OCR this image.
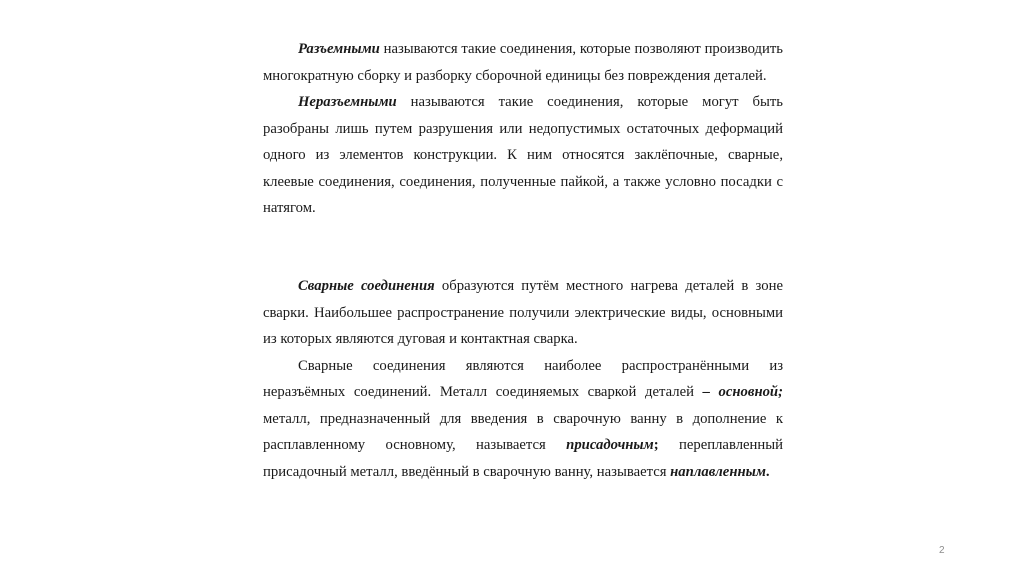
Разъемными называются такие соединения, которые позволяют производить многократную сборку и разборку сборочной единицы без повреждения деталей.

Неразъемными называются такие соединения, которые могут быть разобраны лишь путем разрушения или недопустимых остаточных деформаций одного из элементов конструкции. К ним относятся заклёпочные, сварные, клеевые соединения, соединения, полученные пайкой, а также условно посадки с натягом.

Сварные соединения образуются путём местного нагрева деталей в зоне сварки. Наибольшее распространение получили электрические виды, основными из которых являются дуговая и контактная сварка.

Сварные соединения являются наиболее распространёнными из неразъёмных соединений. Металл соединяемых сваркой деталей – основной; металл, предназначенный для введения в сварочную ванну в дополнение к расплавленному основному, называется присадочным; переплавленный присадочный металл, введённый в сварочную ванну, называется наплавленным.

2
